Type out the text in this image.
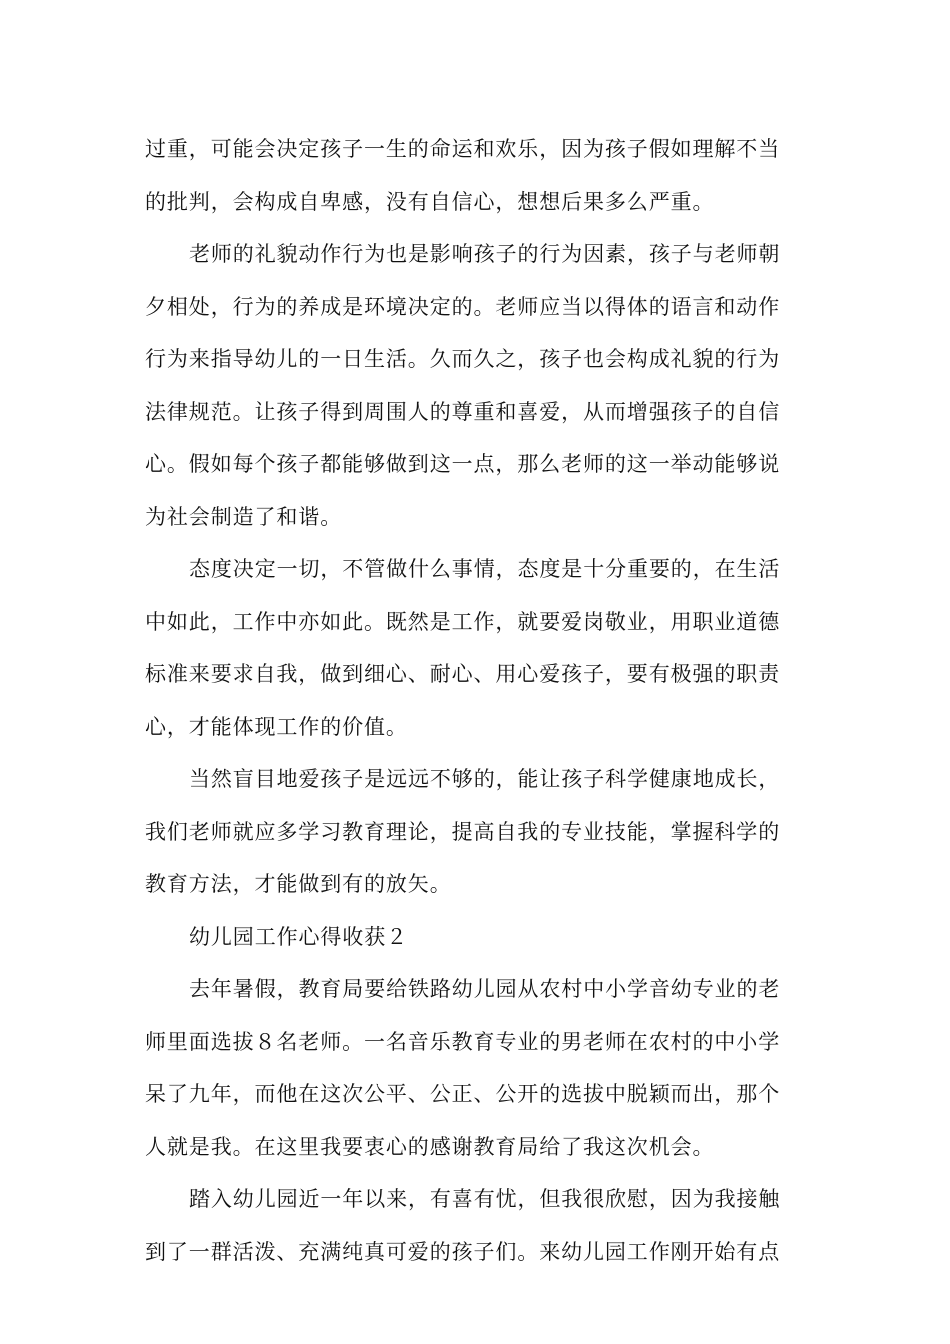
过重，可能会决定孩子一生的命运和欢乐，因为孩子假如理解不当
的批判，会构成自卑感，没有自信心，想想后果多么严重。
老师的礼貌动作行为也是影响孩子的行为因素，孩子与老师朝
夕相处，行为的养成是环境决定的。老师应当以得体的语言和动作
行为来指导幼儿的一日生活。久而久之，孩子也会构成礼貌的行为
法律规范。让孩子得到周围人的尊重和喜爱，从而增强孩子的自信
心。假如每个孩子都能够做到这一点，那么老师的这一举动能够说
为社会制造了和谐。
态度决定一切，不管做什么事情，态度是十分重要的，在生活
中如此，工作中亦如此。既然是工作，就要爱岗敬业，用职业道德
标准来要求自我，做到细心、耐心、用心爱孩子，要有极强的职责
心，才能体现工作的价值。
当然盲目地爱孩子是远远不够的，能让孩子科学健康地成长，
我们老师就应多学习教育理论，提高自我的专业技能，掌握科学的
教育方法，才能做到有的放矢。
幼儿园工作心得收获２
去年暑假，教育局要给铁路幼儿园从农村中小学音幼专业的老
师里面选拔８名老师。一名音乐教育专业的男老师在农村的中小学
呆了九年，而他在这次公平、公正、公开的选拔中脱颖而出，那个
人就是我。在这里我要衷心的感谢教育局给了我这次机会。
踏入幼儿园近一年以来，有喜有忧，但我很欣慰，因为我接触
到了一群活泼、充满纯真可爱的孩子们。来幼儿园工作刚开始有点
